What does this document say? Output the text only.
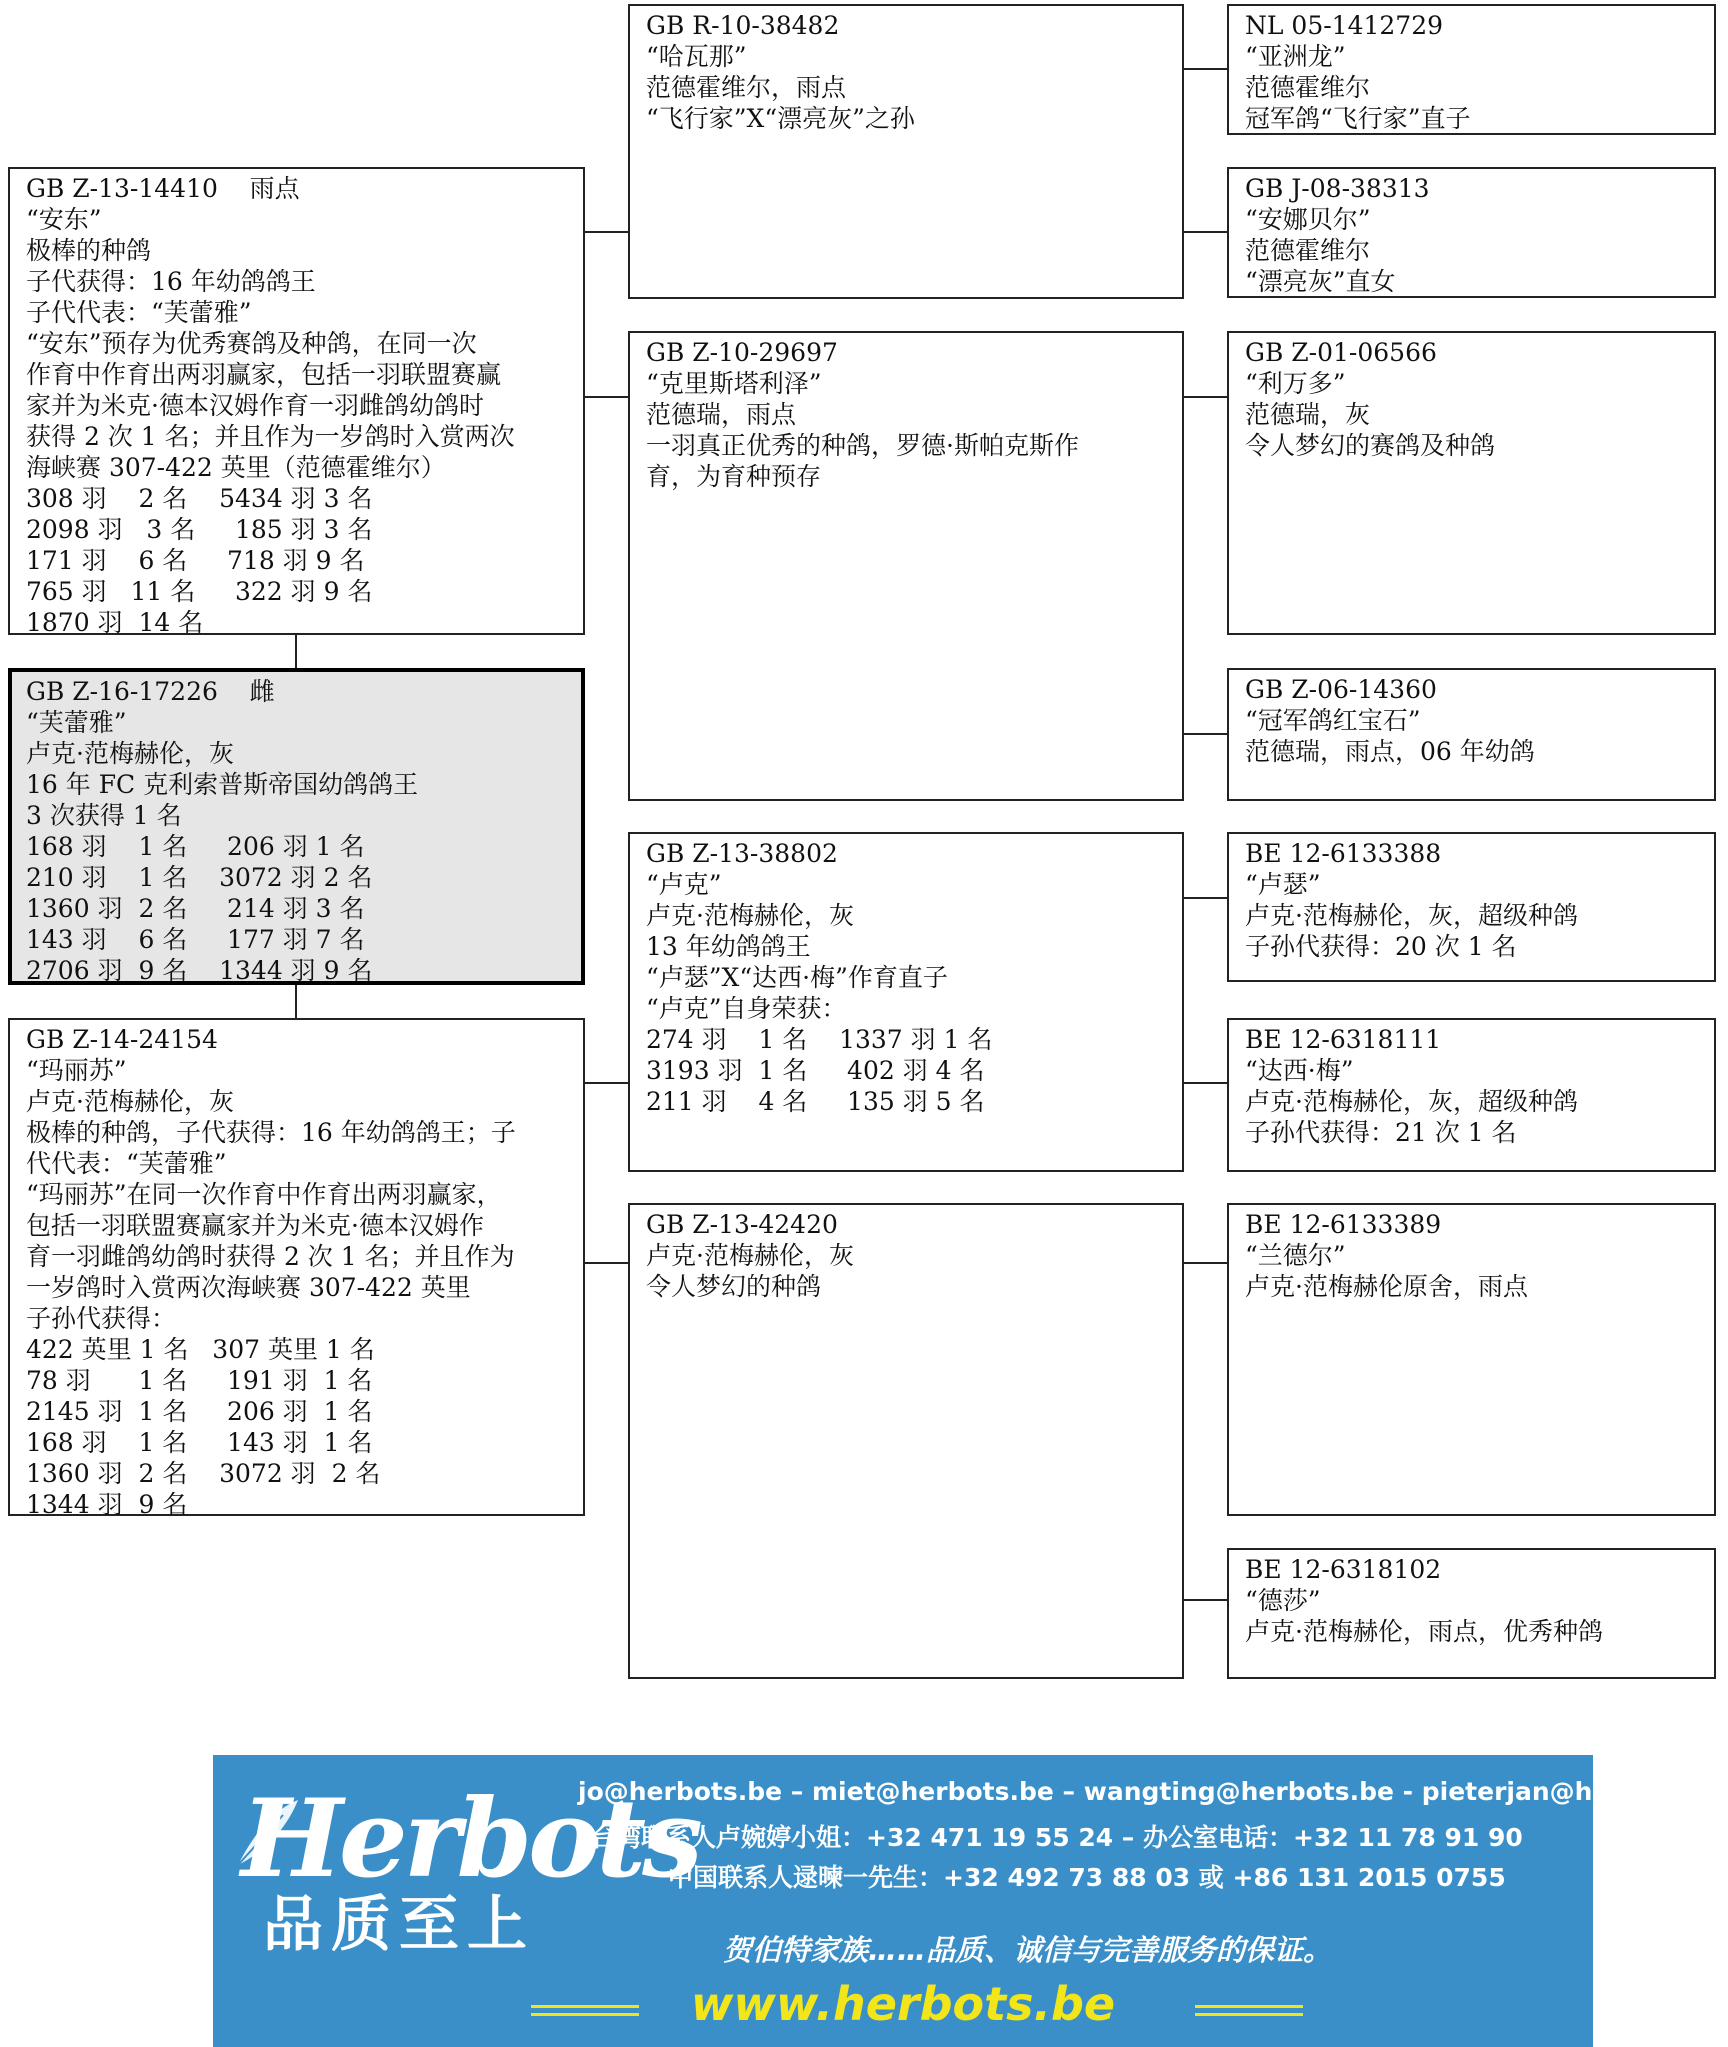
GB Z-13-14410    雨点
“安东”
极棒的种鸽
子代获得：16 年幼鸽鸽王
子代代表：“芙蕾雅”
“安东”预存为优秀赛鸽及种鸽，在同一次
作育中作育出两羽赢家，包括一羽联盟赛赢
家并为米克·德本汉姆作育一羽雌鸽幼鸽时
获得 2 次 1 名；并且作为一岁鸽时入赏两次
海峡赛 307-422 英里（范德霍维尔）
308 羽    2 名    5434 羽 3 名
2098 羽   3 名     185 羽 3 名
171 羽    6 名     718 羽 9 名
765 羽   11 名     322 羽 9 名
1870 羽  14 名
GB Z-16-17226    雌
“芙蕾雅”
卢克·范梅赫伦，灰
16 年 FC 克利索普斯帝国幼鸽鸽王
3 次获得 1 名
168 羽    1 名     206 羽 1 名
210 羽    1 名    3072 羽 2 名
1360 羽  2 名     214 羽 3 名
143 羽    6 名     177 羽 7 名
2706 羽  9 名    1344 羽 9 名
GB Z-14-24154
“玛丽苏”
卢克·范梅赫伦，灰
极棒的种鸽，子代获得：16 年幼鸽鸽王；子
代代表：“芙蕾雅”
“玛丽苏”在同一次作育中作育出两羽赢家，
包括一羽联盟赛赢家并为米克·德本汉姆作
育一羽雌鸽幼鸽时获得 2 次 1 名；并且作为
一岁鸽时入赏两次海峡赛 307-422 英里
子孙代获得：
422 英里 1 名   307 英里 1 名
78 羽      1 名     191 羽  1 名
2145 羽  1 名     206 羽  1 名
168 羽    1 名     143 羽  1 名
1360 羽  2 名    3072 羽  2 名
1344 羽  9 名
GB R-10-38482
“哈瓦那”
范德霍维尔，雨点
“飞行家”X“漂亮灰”之孙
GB Z-10-29697
“克里斯塔利泽”
范德瑞，雨点
一羽真正优秀的种鸽，罗德·斯帕克斯作
育，为育种预存
GB Z-13-38802
“卢克”
卢克·范梅赫伦，灰
13 年幼鸽鸽王
“卢瑟”X“达西·梅”作育直子
“卢克”自身荣获：
274 羽    1 名    1337 羽 1 名
3193 羽  1 名     402 羽 4 名
211 羽    4 名     135 羽 5 名
GB Z-13-42420
卢克·范梅赫伦，灰
令人梦幻的种鸽
NL 05-1412729
“亚洲龙”
范德霍维尔
冠军鸽“飞行家”直子
GB J-08-38313
“安娜贝尔”
范德霍维尔
“漂亮灰”直女
GB Z-01-06566
“利万多”
范德瑞，灰
令人梦幻的赛鸽及种鸽
GB Z-06-14360
“冠军鸽红宝石”
范德瑞，雨点，06 年幼鸽
BE 12-6133388
“卢瑟”
卢克·范梅赫伦，灰，超级种鸽
子孙代获得：20 次 1 名
BE 12-6318111
“达西·梅”
卢克·范梅赫伦，灰，超级种鸽
子孙代获得：21 次 1 名
BE 12-6133389
“兰德尔”
卢克·范梅赫伦原舍，雨点
BE 12-6318102
“德莎”
卢克·范梅赫伦，雨点，优秀种鸽
Herbots
品质至上
jo@herbots.be – miet@herbots.be – wangting@herbots.be - pieterjan@herbots.be
台湾联系人卢婉婷小姐：+32 471 19 55 24 – 办公室电话：+32 11 78 91 90
中国联系人逯暕一先生：+32 492 73 88 03 或 +86 131 2015 0755
贺伯特家族……品质、诚信与完善服务的保证。
www.herbots.be
